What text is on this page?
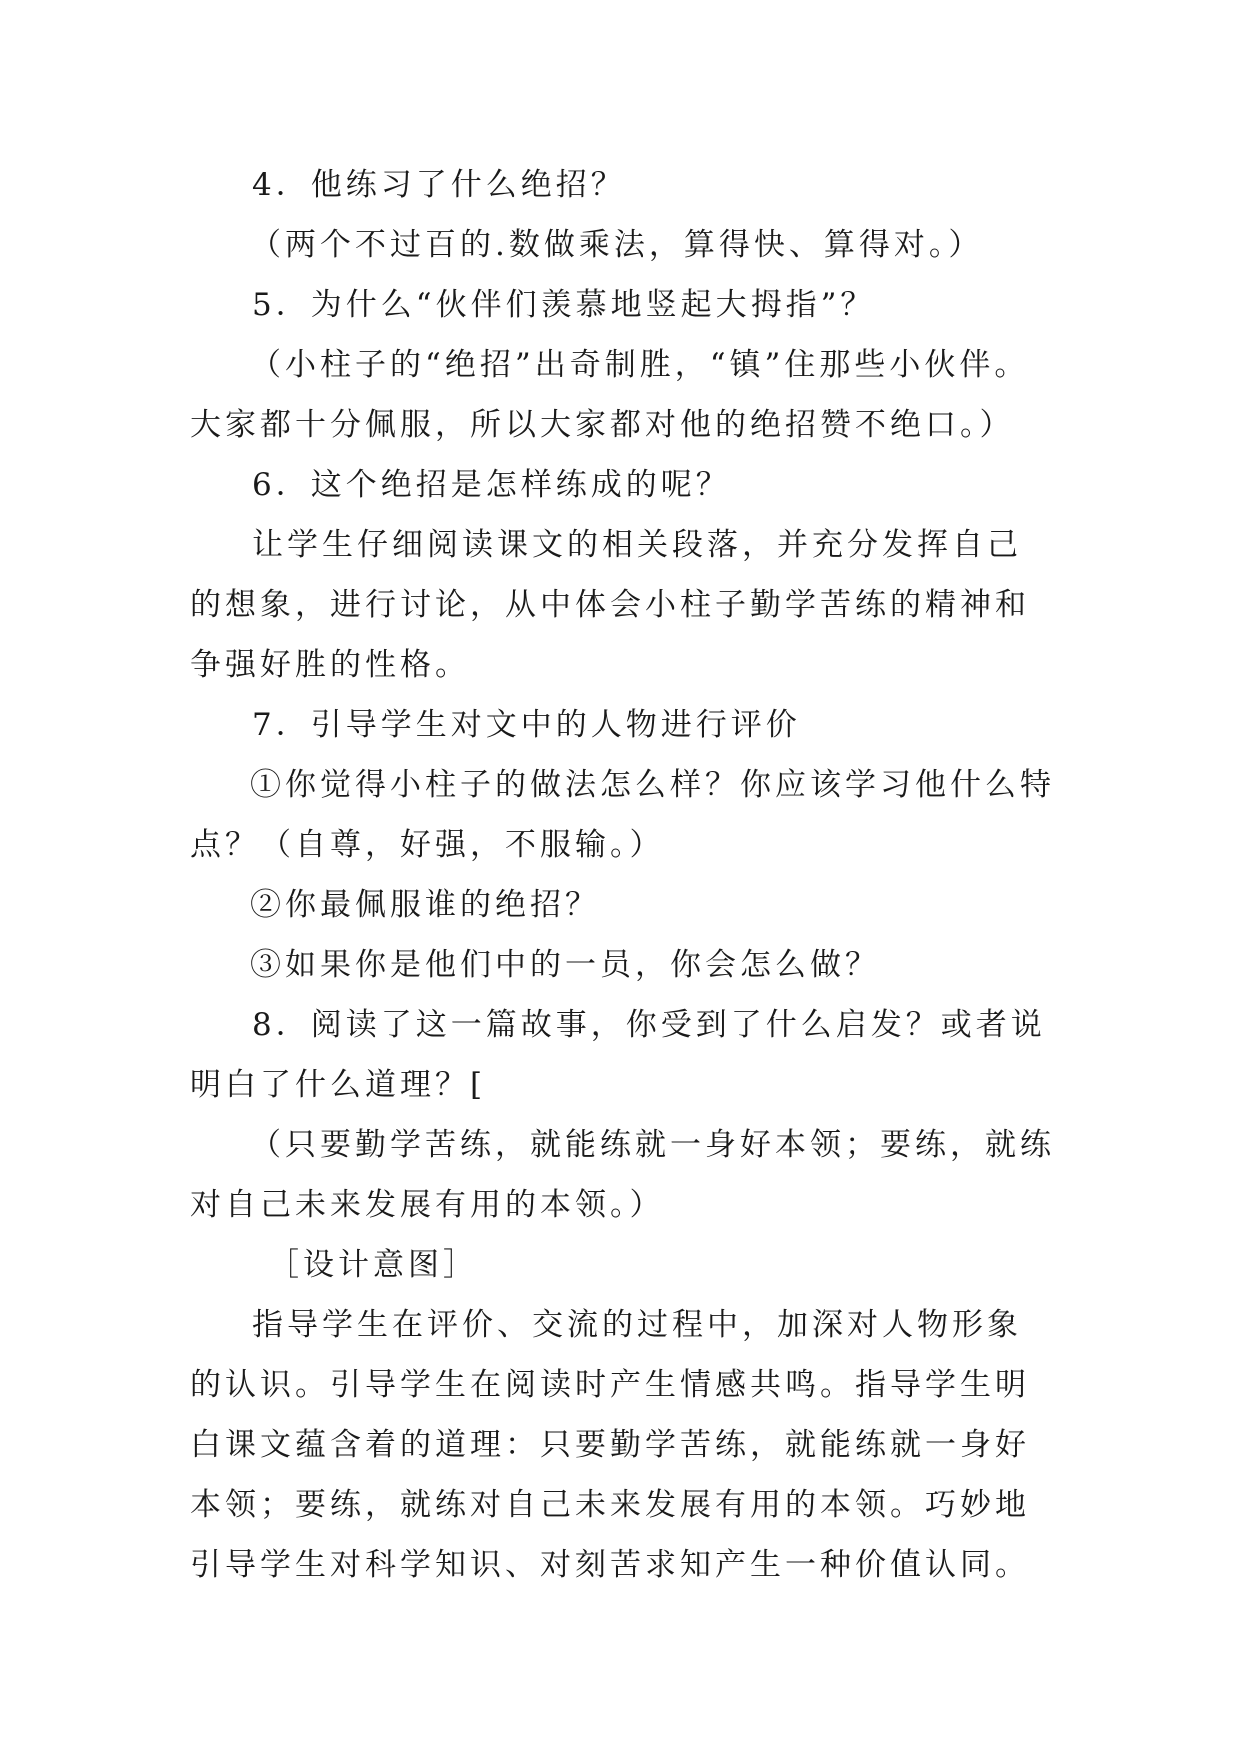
4．他练习了什么绝招？

（两个不过百的.数做乘法，算得快、算得对。）

5．为什么“伙伴们羡慕地竖起大拇指”？

（小柱子的“绝招”出奇制胜，“镇”住那些小伙伴。大家都十分佩服，所以大家都对他的绝招赞不绝口。）

6．这个绝招是怎样练成的呢？

让学生仔细阅读课文的相关段落，并充分发挥自己的想象，进行讨论，从中体会小柱子勤学苦练的精神和争强好胜的性格。

7．引导学生对文中的人物进行评价

①你觉得小柱子的做法怎么样？你应该学习他什么特点？（自尊，好强，不服输。）

②你最佩服谁的绝招？

③如果你是他们中的一员，你会怎么做？

8．阅读了这一篇故事，你受到了什么启发？或者说明白了什么道理？[

（只要勤学苦练，就能练就一身好本领；要练，就练对自己未来发展有用的本领。）

［设计意图］

指导学生在评价、交流的过程中，加深对人物形象的认识。引导学生在阅读时产生情感共鸣。指导学生明白课文蕴含着的道理：只要勤学苦练，就能练就一身好本领；要练，就练对自己未来发展有用的本领。巧妙地引导学生对科学知识、对刻苦求知产生一种价值认同。
